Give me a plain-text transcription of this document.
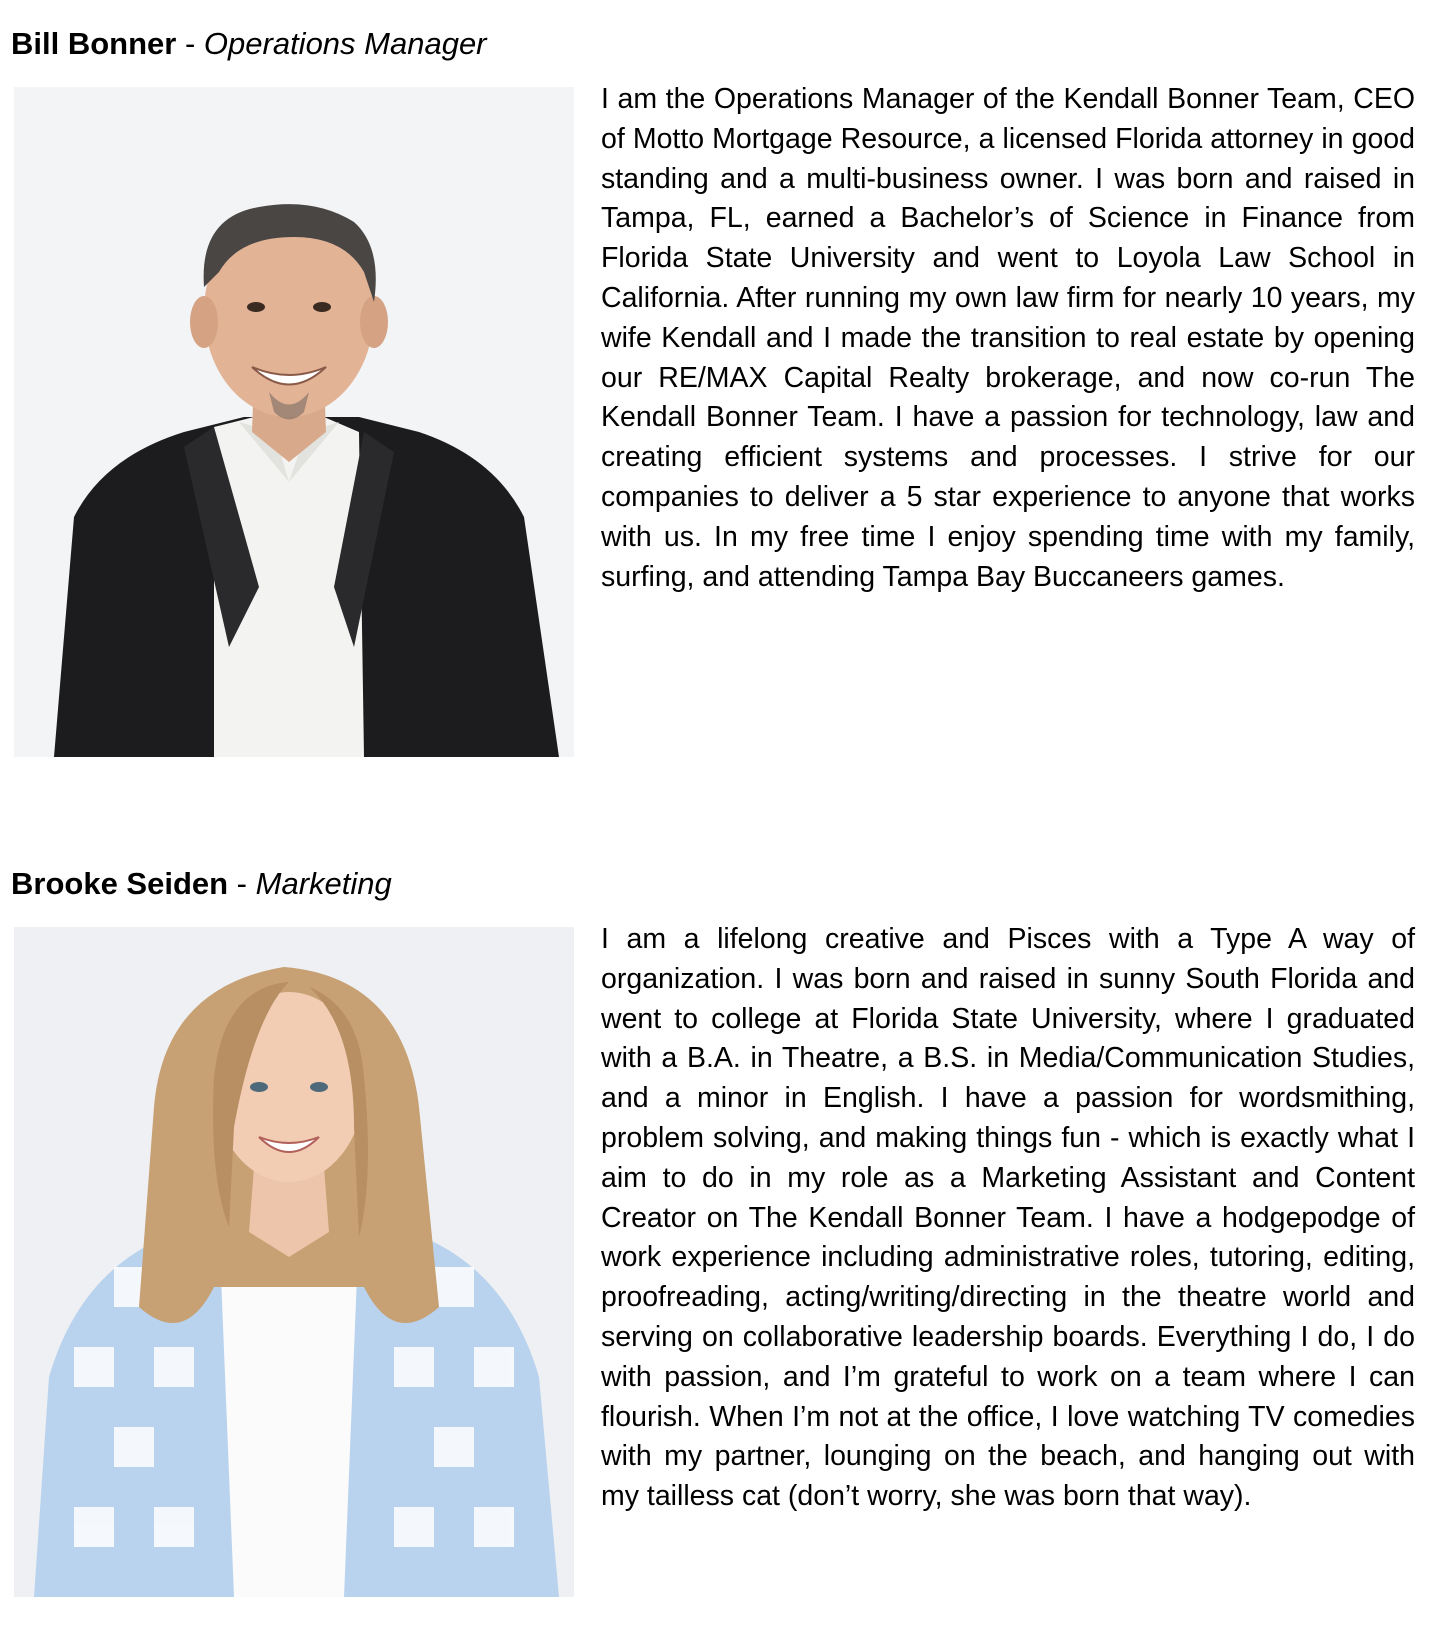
Bill Bonner - Operations Manager

I am the Operations Manager of the Kendall Bonner Team, CEO of Motto Mortgage Resource, a licensed Florida attorney in good standing and a multi-business owner. I was born and raised in Tampa, FL, earned a Bachelor’s of Science in Finance from Florida State University and went to Loyola Law School in California. After running my own law firm for nearly 10 years, my wife Kendall and I made the transition to real estate by opening our RE/MAX Capital Realty brokerage, and now co-run The Kendall Bonner Team. I have a passion for technology, law and creating efficient systems and processes. I strive for our companies to deliver a 5 star experience to anyone that works with us. In my free time I enjoy spending time with my family, surfing, and attending Tampa Bay Buccaneers games.

Brooke Seiden - Marketing

I am a lifelong creative and Pisces with a Type A way of organization. I was born and raised in sunny South Florida and went to college at Florida State University, where I graduated with a B.A. in Theatre, a B.S. in Media/Communication Studies, and a minor in English. I have a passion for wordsmithing, problem solving, and making things fun - which is exactly what I aim to do in my role as a Marketing Assistant and Content Creator on The Kendall Bonner Team. I have a hodgepodge of work experience including administrative roles, tutoring, editing, proofreading, acting/writing/directing in the theatre world and serving on collaborative leadership boards. Everything I do, I do with passion, and I’m grateful to work on a team where I can flourish. When I’m not at the office, I love watching TV comedies with my partner, lounging on the beach, and hanging out with my tailless cat (don’t worry, she was born that way).
